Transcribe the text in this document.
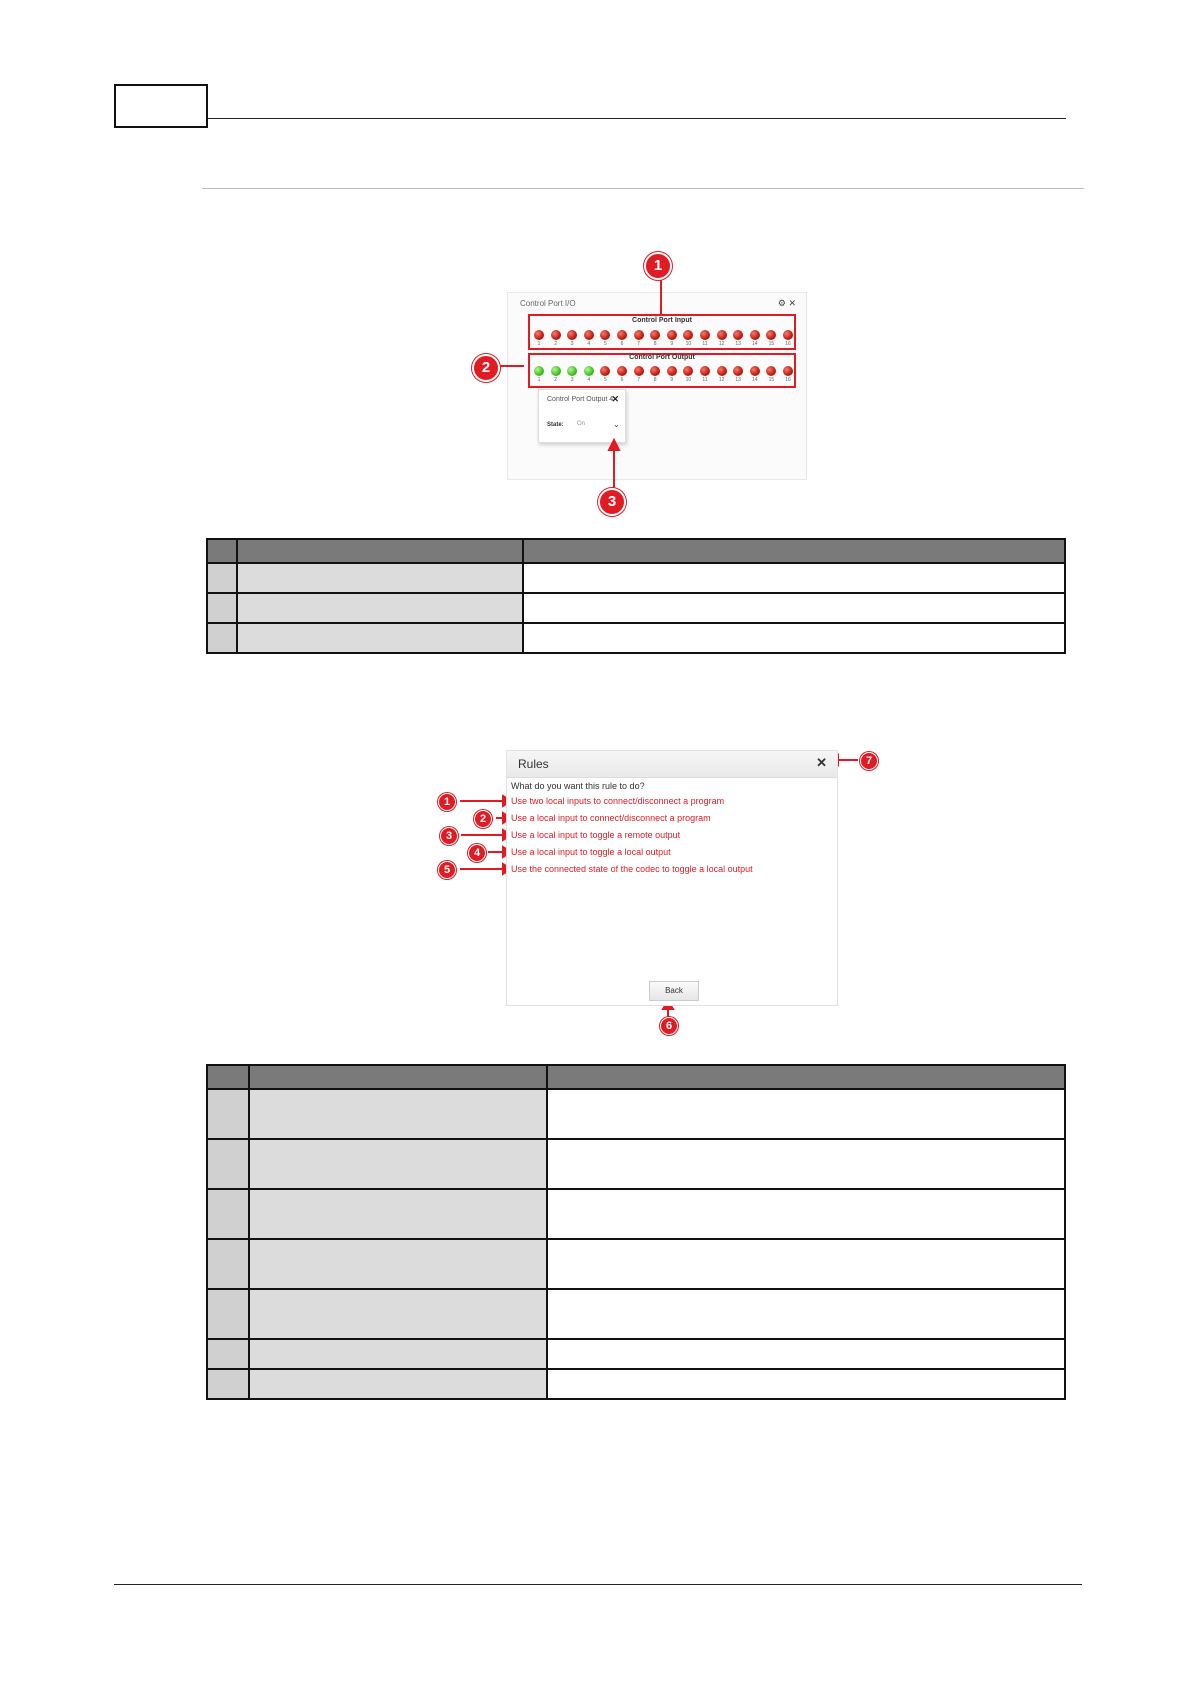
Control Port I/O	⚙ ✕
Control Port Input
1	2	3	4	5	6	7	8	9	10	11	12	13	14	15	16
Control Port Output
1	2	3	4	5	6	7	8	9	10	11	12	13	14	15	16
Control Port Output 4
✕
State: On	⌄
1
2
3

Rules	✕
What do you want this rule to do?
Use two local inputs to connect/disconnect a program
Use a local input to connect/disconnect a program
Use a local input to toggle a remote output
Use a local input to toggle a local output
Use the connected state of the codec to toggle a local output
Back
1
2
3
4
5
6
7
